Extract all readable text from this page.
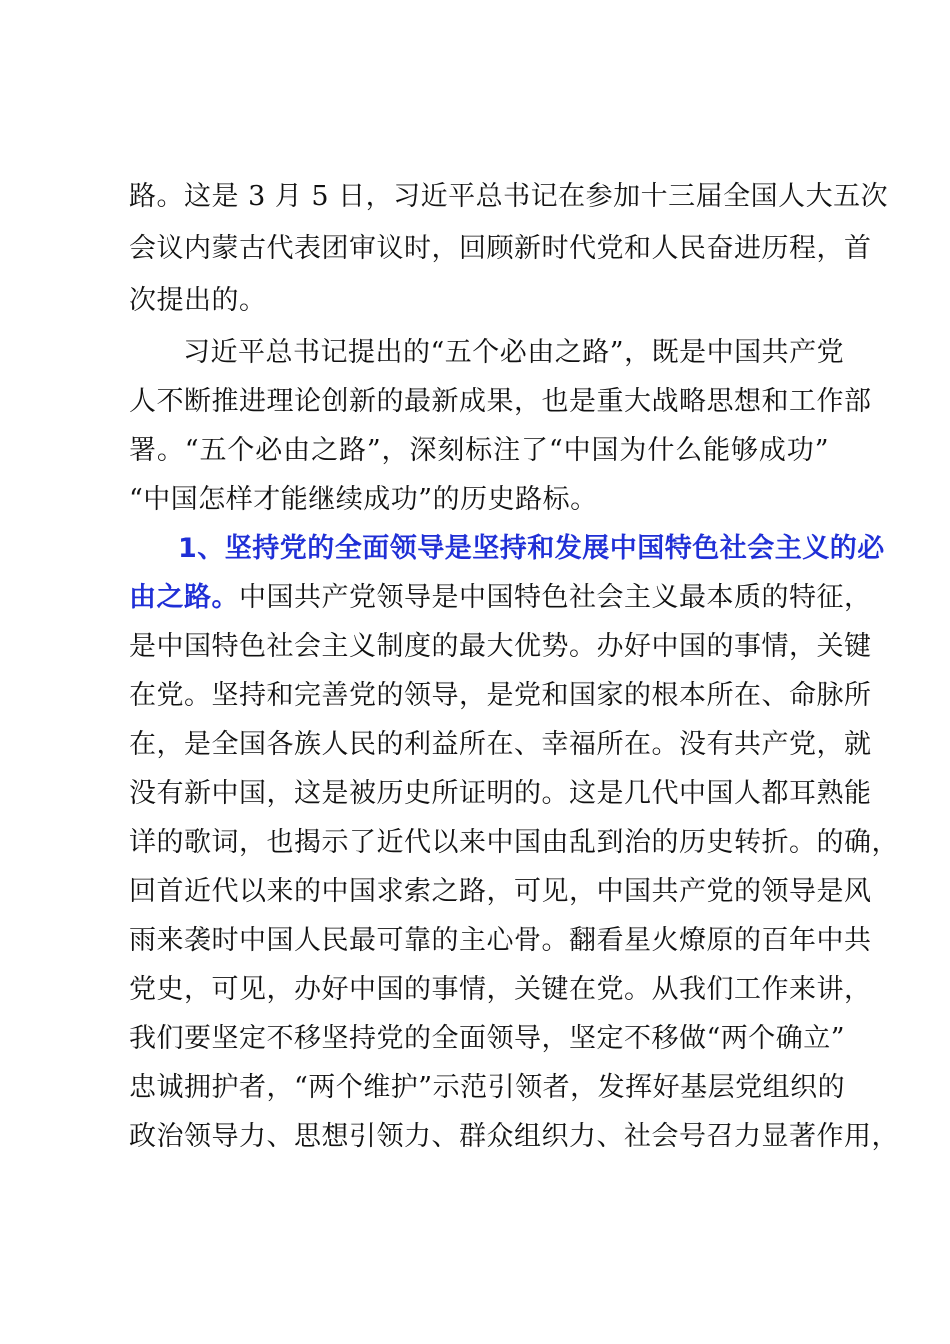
路。这是 3 月 5 日，习近平总书记在参加十三届全国人大五次
会议内蒙古代表团审议时，回顾新时代党和人民奋进历程，首
次提出的。
习近平总书记提出的“五个必由之路”，既是中国共产党
人不断推进理论创新的最新成果，也是重大战略思想和工作部
署。“五个必由之路”，深刻标注了“中国为什么能够成功”
“中国怎样才能继续成功”的历史路标。
1、坚持党的全面领导是坚持和发展中国特色社会主义的必
由之路。中国共产党领导是中国特色社会主义最本质的特征，
是中国特色社会主义制度的最大优势。办好中国的事情，关键
在党。坚持和完善党的领导，是党和国家的根本所在、命脉所
在，是全国各族人民的利益所在、幸福所在。没有共产党，就
没有新中国，这是被历史所证明的。这是几代中国人都耳熟能
详的歌词，也揭示了近代以来中国由乱到治的历史转折。的确，
回首近代以来的中国求索之路，可见，中国共产党的领导是风
雨来袭时中国人民最可靠的主心骨。翻看星火燎原的百年中共
党史，可见，办好中国的事情，关键在党。从我们工作来讲，
我们要坚定不移坚持党的全面领导，坚定不移做“两个确立”
忠诚拥护者，“两个维护”示范引领者，发挥好基层党组织的
政治领导力、思想引领力、群众组织力、社会号召力显著作用，
